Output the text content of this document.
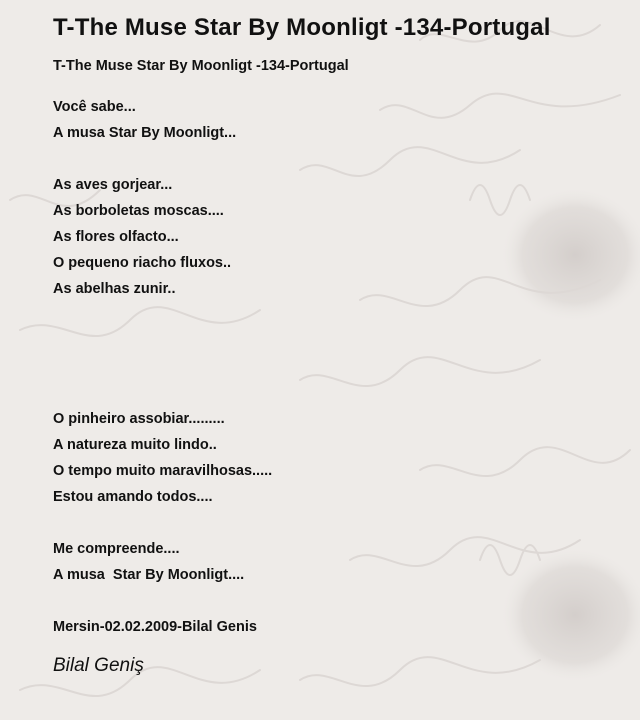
T-The Muse Star By Moonligt -134-Portugal
T-The Muse Star By Moonligt -134-Portugal
Você sabe...
A musa Star By Moonligt...
As aves gorjear...
As borboletas moscas....
As flores olfacto...
O pequeno riacho fluxos..
As abelhas zunir..
O pinheiro assobiar.........
A natureza muito lindo..
O tempo muito maravilhosas.....
Estou amando todos....
Me compreende....
A musa  Star By Moonligt....
Mersin-02.02.2009-Bilal Genis
Bilal Geniş
